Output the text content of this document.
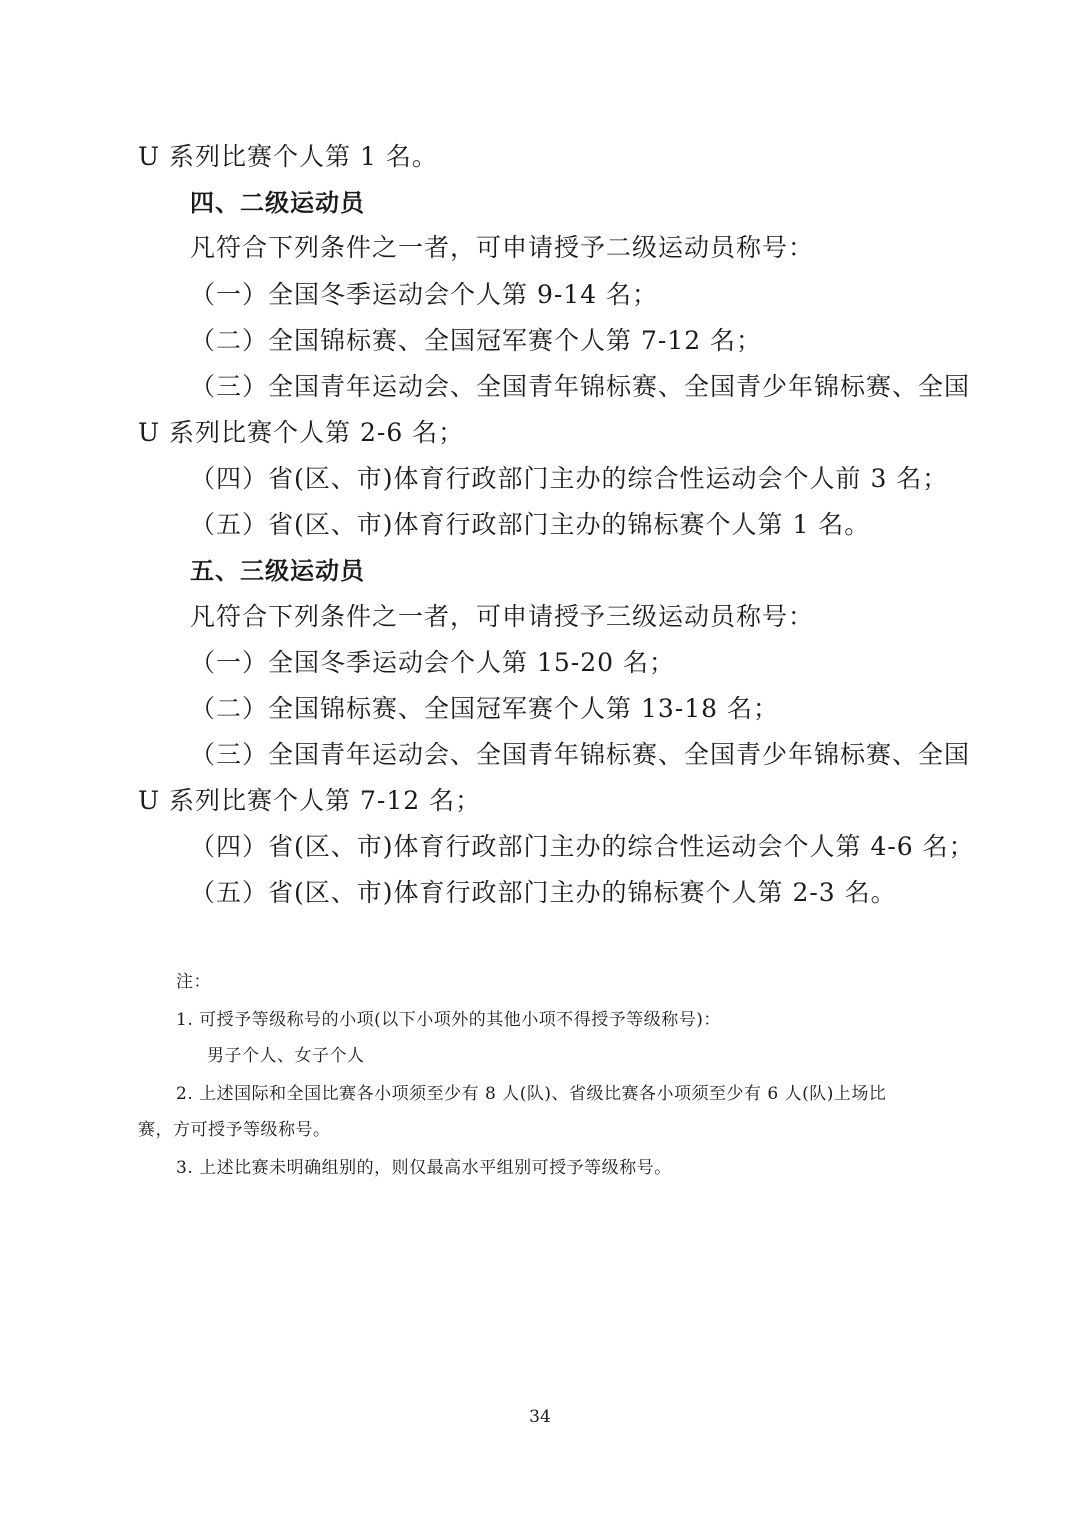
U 系列比赛个人第 1 名。
四、二级运动员
凡符合下列条件之一者，可申请授予二级运动员称号：
（一）全国冬季运动会个人第 9-14 名；
（二）全国锦标赛、全国冠军赛个人第 7-12 名；
（三）全国青年运动会、全国青年锦标赛、全国青少年锦标赛、全国
U 系列比赛个人第 2-6 名；
（四）省(区、市)体育行政部门主办的综合性运动会个人前 3 名；
（五）省(区、市)体育行政部门主办的锦标赛个人第 1 名。
五、三级运动员
凡符合下列条件之一者，可申请授予三级运动员称号：
（一）全国冬季运动会个人第 15-20 名；
（二）全国锦标赛、全国冠军赛个人第 13-18 名；
（三）全国青年运动会、全国青年锦标赛、全国青少年锦标赛、全国
U 系列比赛个人第 7-12 名；
（四）省(区、市)体育行政部门主办的综合性运动会个人第 4-6 名；
（五）省(区、市)体育行政部门主办的锦标赛个人第 2-3 名。
注：
1. 可授予等级称号的小项(以下小项外的其他小项不得授予等级称号)：
男子个人、女子个人
2. 上述国际和全国比赛各小项须至少有 8 人(队)、省级比赛各小项须至少有 6 人(队)上场比
赛，方可授予等级称号。
3. 上述比赛未明确组别的，则仅最高水平组别可授予等级称号。
34
